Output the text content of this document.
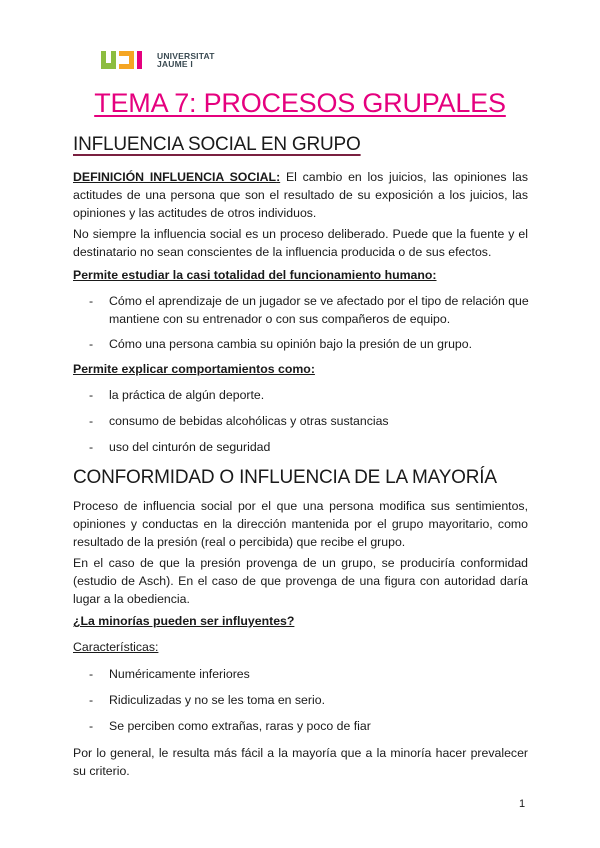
UNIVERSITAT
JAUME I
TEMA 7: PROCESOS GRUPALES
INFLUENCIA SOCIAL EN GRUPO

DEFINICIÓN INFLUENCIA SOCIAL: El cambio en los juicios, las opiniones las actitudes de una persona que son el resultado de su exposición a los juicios, las opiniones y las actitudes de otros individuos.

No siempre la influencia social es un proceso deliberado. Puede que la fuente y el destinatario no sean conscientes de la influencia producida o de sus efectos.

Permite estudiar la casi totalidad del funcionamiento humano:
- Cómo el aprendizaje de un jugador se ve afectado por el tipo de relación que mantiene con su entrenador o con sus compañeros de equipo.
- Cómo una persona cambia su opinión bajo la presión de un grupo.
Permite explicar comportamientos como:
- la práctica de algún deporte.
- consumo de bebidas alcohólicas y otras sustancias
- uso del cinturón de seguridad
CONFORMIDAD O INFLUENCIA DE LA MAYORÍA

Proceso de influencia social por el que una persona modifica sus sentimientos, opiniones y conductas en la dirección mantenida por el grupo mayoritario, como resultado de la presión (real o percibida) que recibe el grupo.

En el caso de que la presión provenga de un grupo, se produciría conformidad (estudio de Asch). En el caso de que provenga de una figura con autoridad daría lugar a la obediencia.

¿La minorías pueden ser influyentes?
Características:
- Numéricamente inferiores
- Ridiculizadas y no se les toma en serio.
- Se perciben como extrañas, raras y poco de fiar

Por lo general, le resulta más fácil a la mayoría que a la minoría hacer prevalecer su criterio.

1
